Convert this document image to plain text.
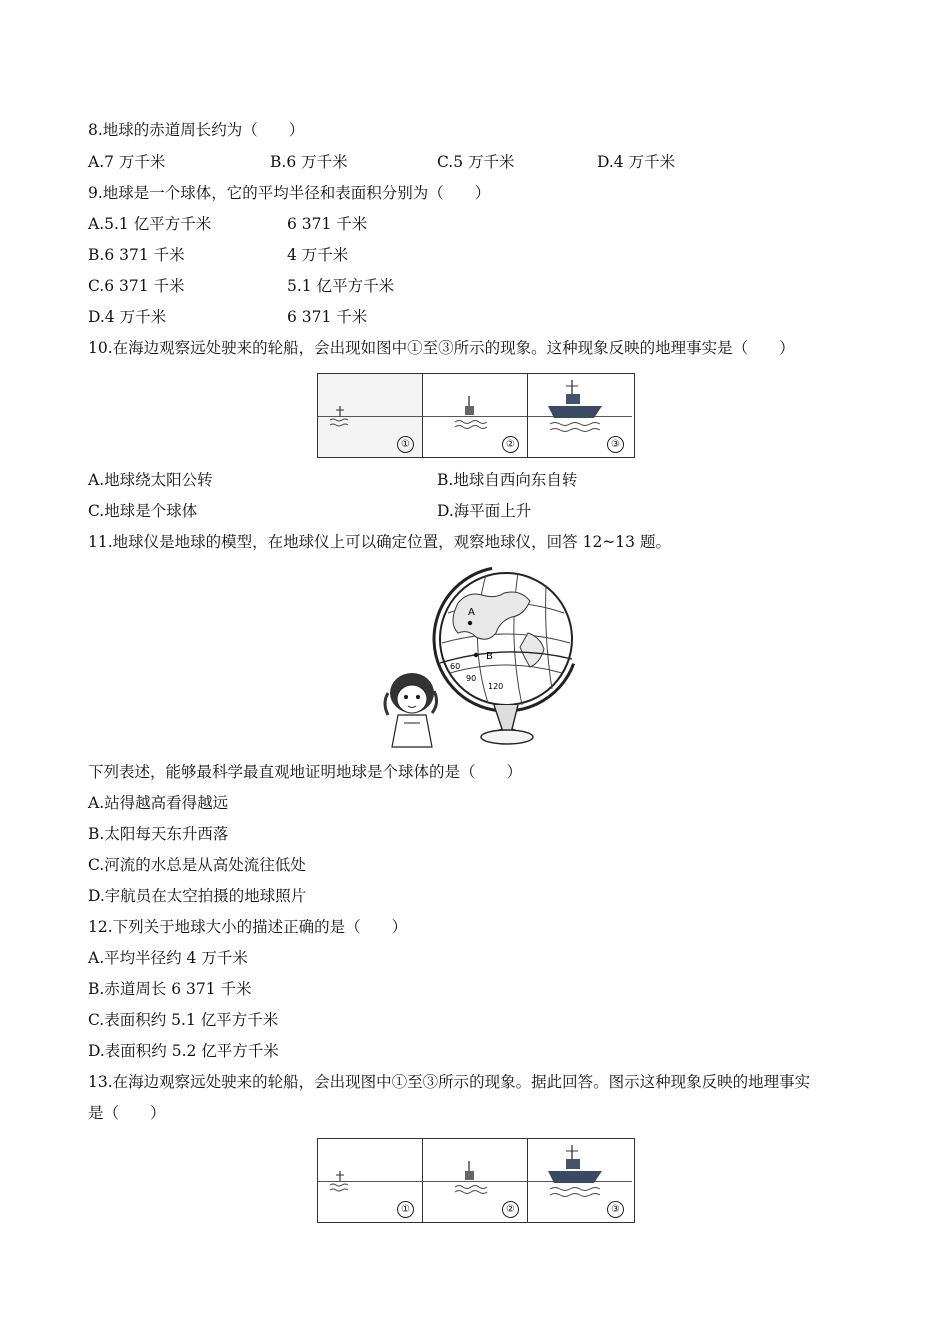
8.地球的赤道周长约为（　　）
A.7 万千米	B.6 万千米	C.5 万千米	D.4 万千米
9.地球是一个球体，它的平均半径和表面积分别为（　　）
A.5.1 亿平方千米	6 371 千米
B.6 371 千米	4 万千米
C.6 371 千米	5.1 亿平方千米
D.4 万千米	6 371 千米
10.在海边观察远处驶来的轮船，会出现如图中①至③所示的现象。这种现象反映的地理事实是（　　）
①	②	③
A.地球绕太阳公转	B.地球自西向东自转
C.地球是个球体	D.海平面上升
11.地球仪是地球的模型，在地球仪上可以确定位置，观察地球仪，回答 12~13 题。
A
B
60
90
120
下列表述，能够最科学最直观地证明地球是个球体的是（　　）
A.站得越高看得越远
B.太阳每天东升西落
C.河流的水总是从高处流往低处
D.宇航员在太空拍摄的地球照片
12.下列关于地球大小的描述正确的是（　　）
A.平均半径约 4 万千米
B.赤道周长 6 371 千米
C.表面积约 5.1 亿平方千米
D.表面积约 5.2 亿平方千米
13.在海边观察远处驶来的轮船，会出现图中①至③所示的现象。据此回答。图示这种现象反映的地理事实
是（　　）
①	②	③
